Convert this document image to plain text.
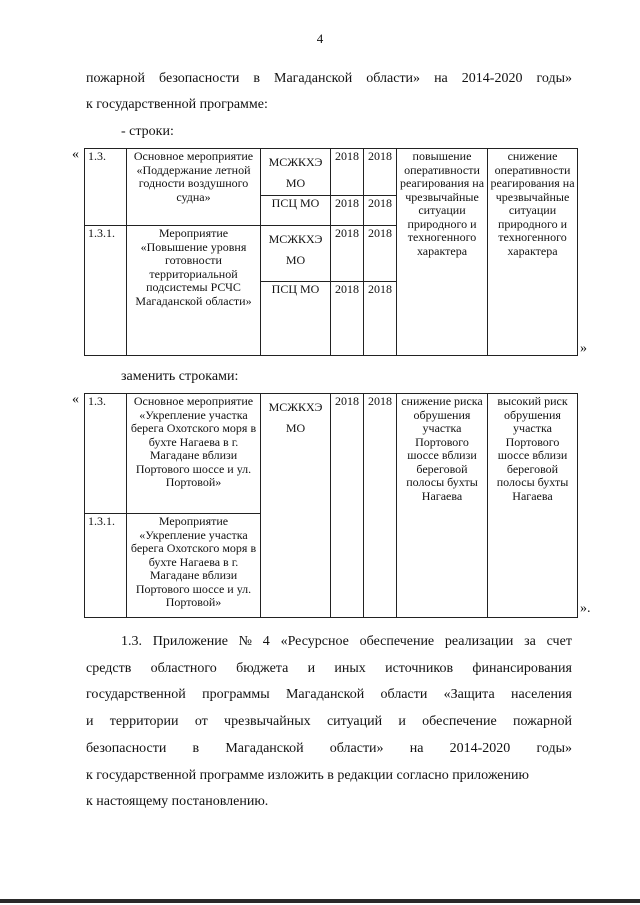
4
пожарной безопасности в Магаданской области» на 2014-2020 годы»
к государственной программе:
- строки:
« 1.3.	Основное мероприятие «Поддержание летной годности воздушного судна»	МСЖКХЭ МО	2018	2018	повышение оперативности реагирования на чрезвычайные ситуации природного и техногенного характера	снижение оперативности реагирования на чрезвычайные ситуации природного и техногенного характера
		ПСЦ МО	2018	2018		
1.3.1.	Мероприятие «Повышение уровня готовности территориальной подсистемы РСЧС Магаданской области»	МСЖКХЭ МО	2018	2018		
		ПСЦ МО	2018	2018		
»
заменить строками:
« 1.3.	Основное мероприятие «Укрепление участка берега Охотского моря в бухте Нагаева в г. Магадане вблизи Портового шоссе и ул. Портовой»	МСЖКХЭ МО	2018	2018	снижение риска обрушения участка Портового шоссе вблизи береговой полосы бухты Нагаева	высокий риск обрушения участка Портового шоссе вблизи береговой полосы бухты Нагаева
1.3.1.	Мероприятие «Укрепление участка берега Охотского моря в бухте Нагаева в г. Магадане вблизи Портового шоссе и ул. Портовой»						».
1.3. Приложение № 4 «Ресурсное обеспечение реализации за счет
средств областного бюджета и иных источников финансирования
государственной программы Магаданской области «Защита населения
и территории от чрезвычайных ситуаций и обеспечение пожарной
безопасности в Магаданской области» на 2014-2020 годы»
к государственной программе изложить в редакции согласно приложению
к настоящему постановлению.
